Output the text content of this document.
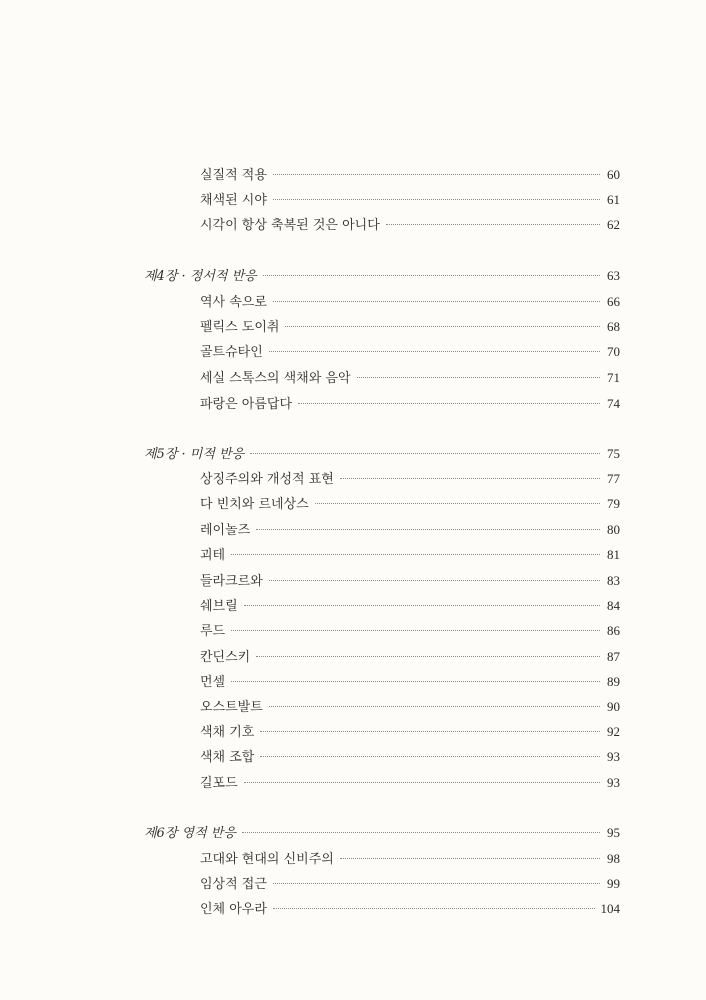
실질적 적용	60
채색된 시야	61
시각이 항상 축복된 것은 아니다	62
제4장 · 정서적 반응	63
역사 속으로	66
펠릭스 도이취	68
골트슈타인	70
세실 스톡스의 색채와 음악	71
파랑은 아름답다	74
제5장 · 미적 반응	75
상징주의와 개성적 표현	77
다 빈치와 르네상스	79
레이놀즈	80
괴테	81
들라크르와	83
쉐브릴	84
루드	86
칸딘스키	87
먼셀	89
오스트발트	90
색채 기호	92
색채 조합	93
길포드	93
제6장 영적 반응	95
고대와 현대의 신비주의	98
임상적 접근	99
인체 아우라	104
